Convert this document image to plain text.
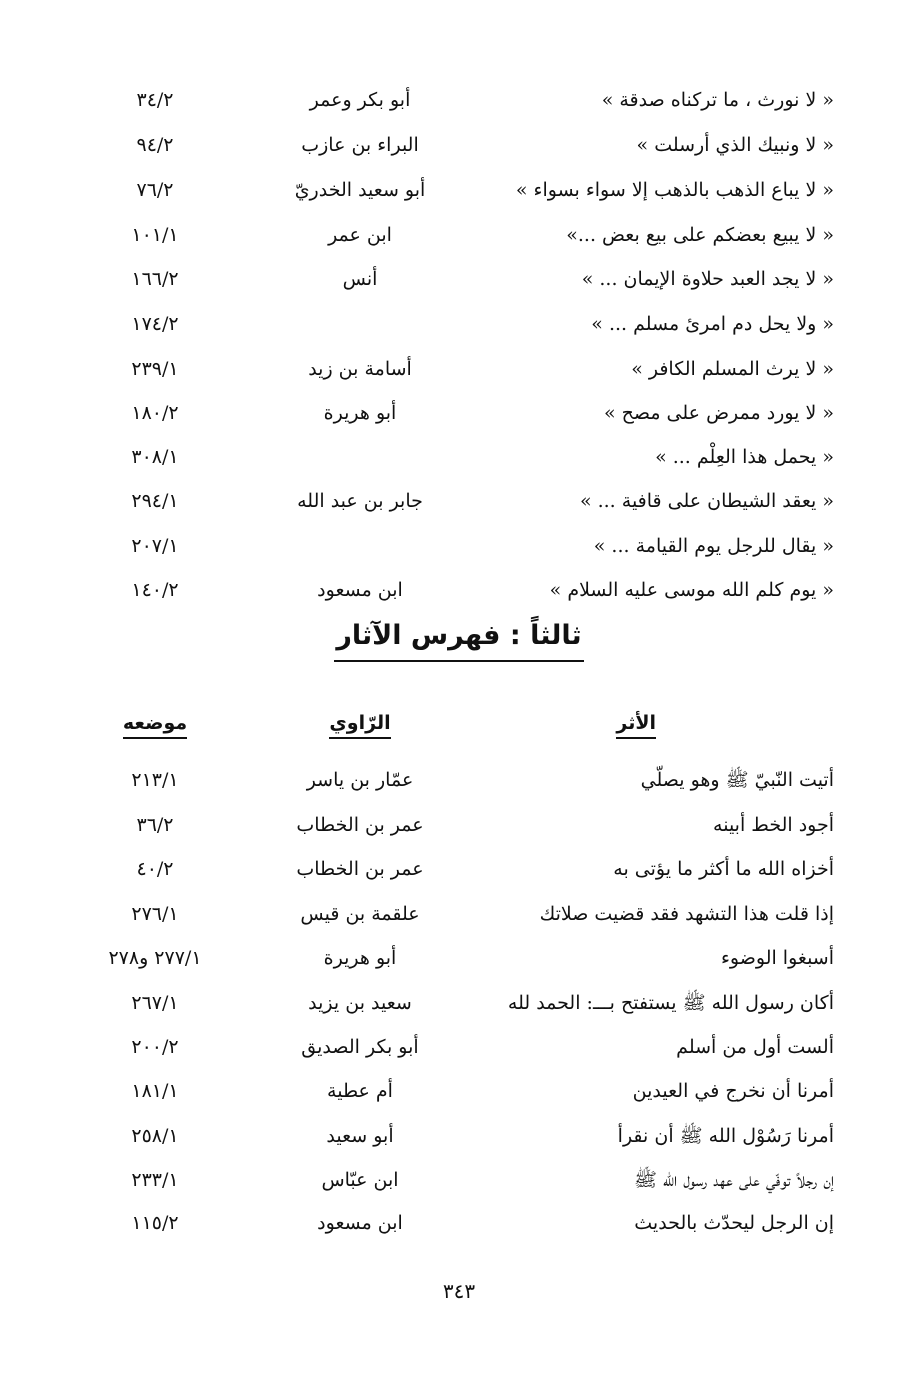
« لا نورث ، ما تركناه صدقة »
أبو بكر وعمر
٣٤/٢
« لا ونبيك الذي أرسلت »
البراء بن عازب
٩٤/٢
« لا يباع الذهب بالذهب إلا سواء بسواء »
أبو سعيد الخدريّ
٧٦/٢
« لا يبيع بعضكم على بيع بعض ...»
ابن عمر
١٠١/١
« لا يجد العبد حلاوة الإيمان ... »
أنس
١٦٦/٢
« ولا يحل دم امرئ مسلم ... »
١٧٤/٢
« لا يرث المسلم الكافر »
أسامة بن زيد
٢٣٩/١
« لا يورد ممرض على مصح »
أبو هريرة
١٨٠/٢
« يحمل هذا العِلْم ... »
٣٠٨/١
« يعقد الشيطان على قافية ... »
جابر بن عبد الله
٢٩٤/١
« يقال للرجل يوم القيامة ... »
٢٠٧/١
« يوم كلم الله موسى عليه السلام »
ابن مسعود
١٤٠/٢
ثالثاً : فهرس الآثار
الأثر
الرّاوي
موضعه
أتيت النّبيّ ﷺ وهو يصلّي
عمّار بن ياسر
٢١٣/١
أجود الخط أبينه
عمر بن الخطاب
٣٦/٢
أخزاه الله ما أكثر ما يؤتى به
عمر بن الخطاب
٤٠/٢
إذا قلت هذا التشهد فقد قضيت صلاتك
علقمة بن قيس
٢٧٦/١
أسبغوا الوضوء
أبو هريرة
٢٧٧/١ و٢٧٨
أكان رسول الله ﷺ يستفتح بـــ: الحمد لله
سعيد بن يزيد
٢٦٧/١
ألست أول من أسلم
أبو بكر الصديق
٢٠٠/٢
أمرنا أن نخرج في العيدين
أم عطية
١٨١/١
أمرنا رَسُوْل الله ﷺ أن نقرأ
أبو سعيد
٢٥٨/١
إن رجلاً توفّي على عهد رسول الله ﷺ
ابن عبّاس
٢٣٣/١
إن الرجل ليحدّث بالحديث
ابن مسعود
١١٥/٢
٣٤٣
